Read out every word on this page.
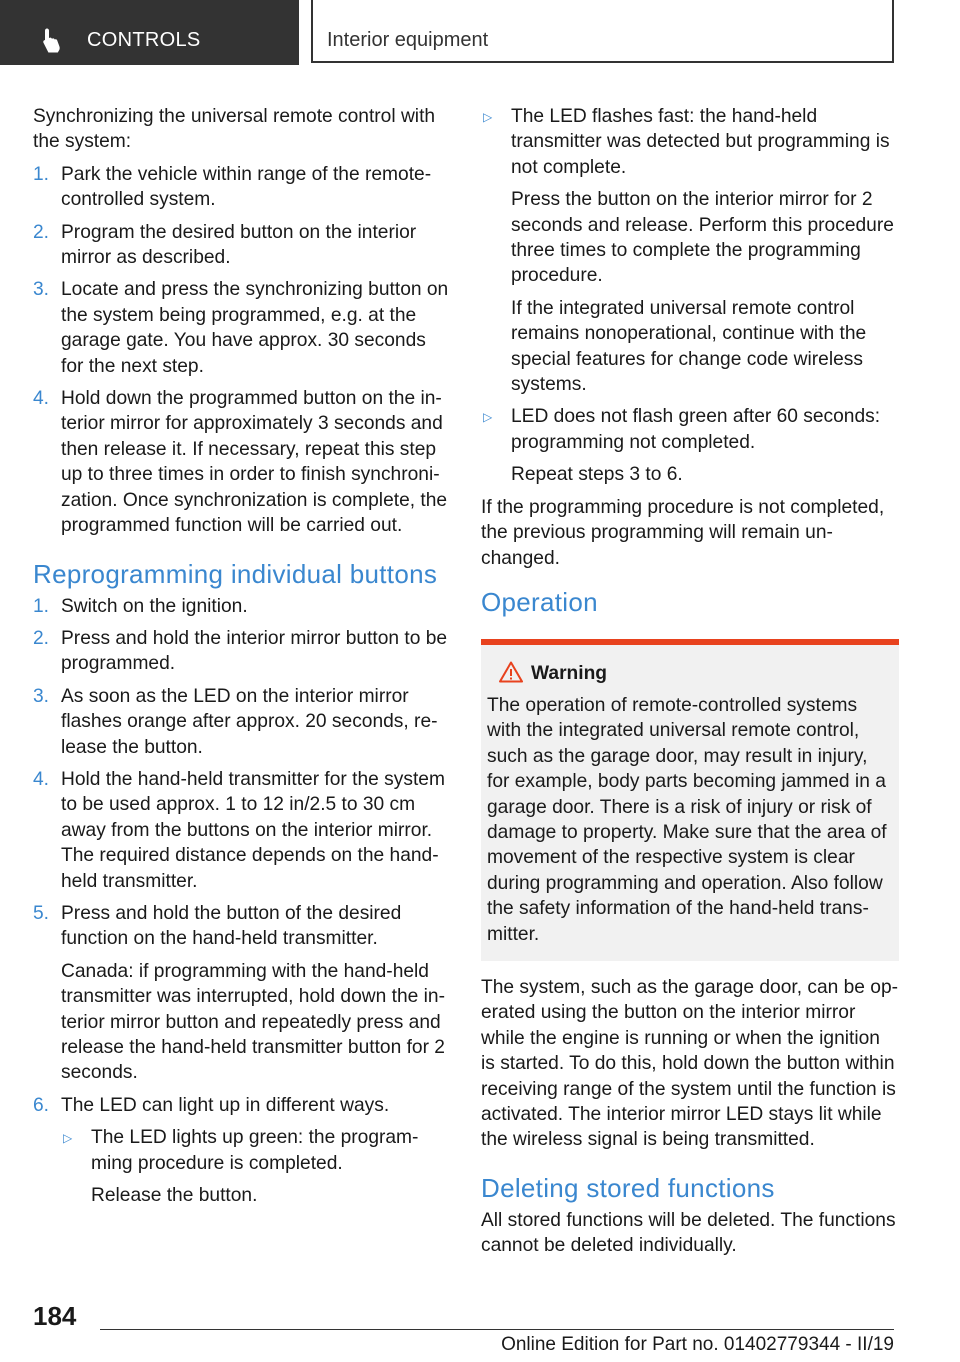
CONTROLS	Interior equipment

Synchronizing the universal remote control with the system:

1. Park the vehicle within range of the remote-controlled system.
2. Program the desired button on the interior mirror as described.
3. Locate and press the synchronizing button on the system being programmed, e.g. at the garage gate. You have approx. 30 seconds for the next step.
4. Hold down the programmed button on the interior mirror for approximately 3 seconds and then release it. If necessary, repeat this step up to three times in order to finish synchronization. Once synchronization is complete, the programmed function will be carried out.
Reprogramming individual buttons
1. Switch on the ignition.
2. Press and hold the interior mirror button to be programmed.
3. As soon as the LED on the interior mirror flashes orange after approx. 20 seconds, release the button.
4. Hold the hand-held transmitter for the system to be used approx. 1 to 12 in/2.5 to 30 cm away from the buttons on the interior mirror. The required distance depends on the hand-held transmitter.
5. Press and hold the button of the desired function on the hand-held transmitter.
Canada: if programming with the hand-held transmitter was interrupted, hold down the interior mirror button and repeatedly press and release the hand-held transmitter button for 2 seconds.
6. The LED can light up in different ways.
▷ The LED lights up green: the programming procedure is completed.
Release the button.
▷ The LED flashes fast: the hand-held transmitter was detected but programming is not complete.
Press the button on the interior mirror for 2 seconds and release. Perform this procedure three times to complete the programming procedure.
If the integrated universal remote control remains nonoperational, continue with the special features for change code wireless systems.
▷ LED does not flash green after 60 seconds: programming not completed.
Repeat steps 3 to 6.

If the programming procedure is not completed, the previous programming will remain unchanged.

Operation
Warning
The operation of remote-controlled systems with the integrated universal remote control, such as the garage door, may result in injury, for example, body parts becoming jammed in a garage door. There is a risk of injury or risk of damage to property. Make sure that the area of movement of the respective system is clear during programming and operation. Also follow the safety information of the hand-held transmitter.

The system, such as the garage door, can be operated using the button on the interior mirror while the engine is running or when the ignition is started. To do this, hold down the button within receiving range of the system until the function is activated. The interior mirror LED stays lit while the wireless signal is being transmitted.

Deleting stored functions

All stored functions will be deleted. The functions cannot be deleted individually.

184
Online Edition for Part no. 01402779344 - II/19
